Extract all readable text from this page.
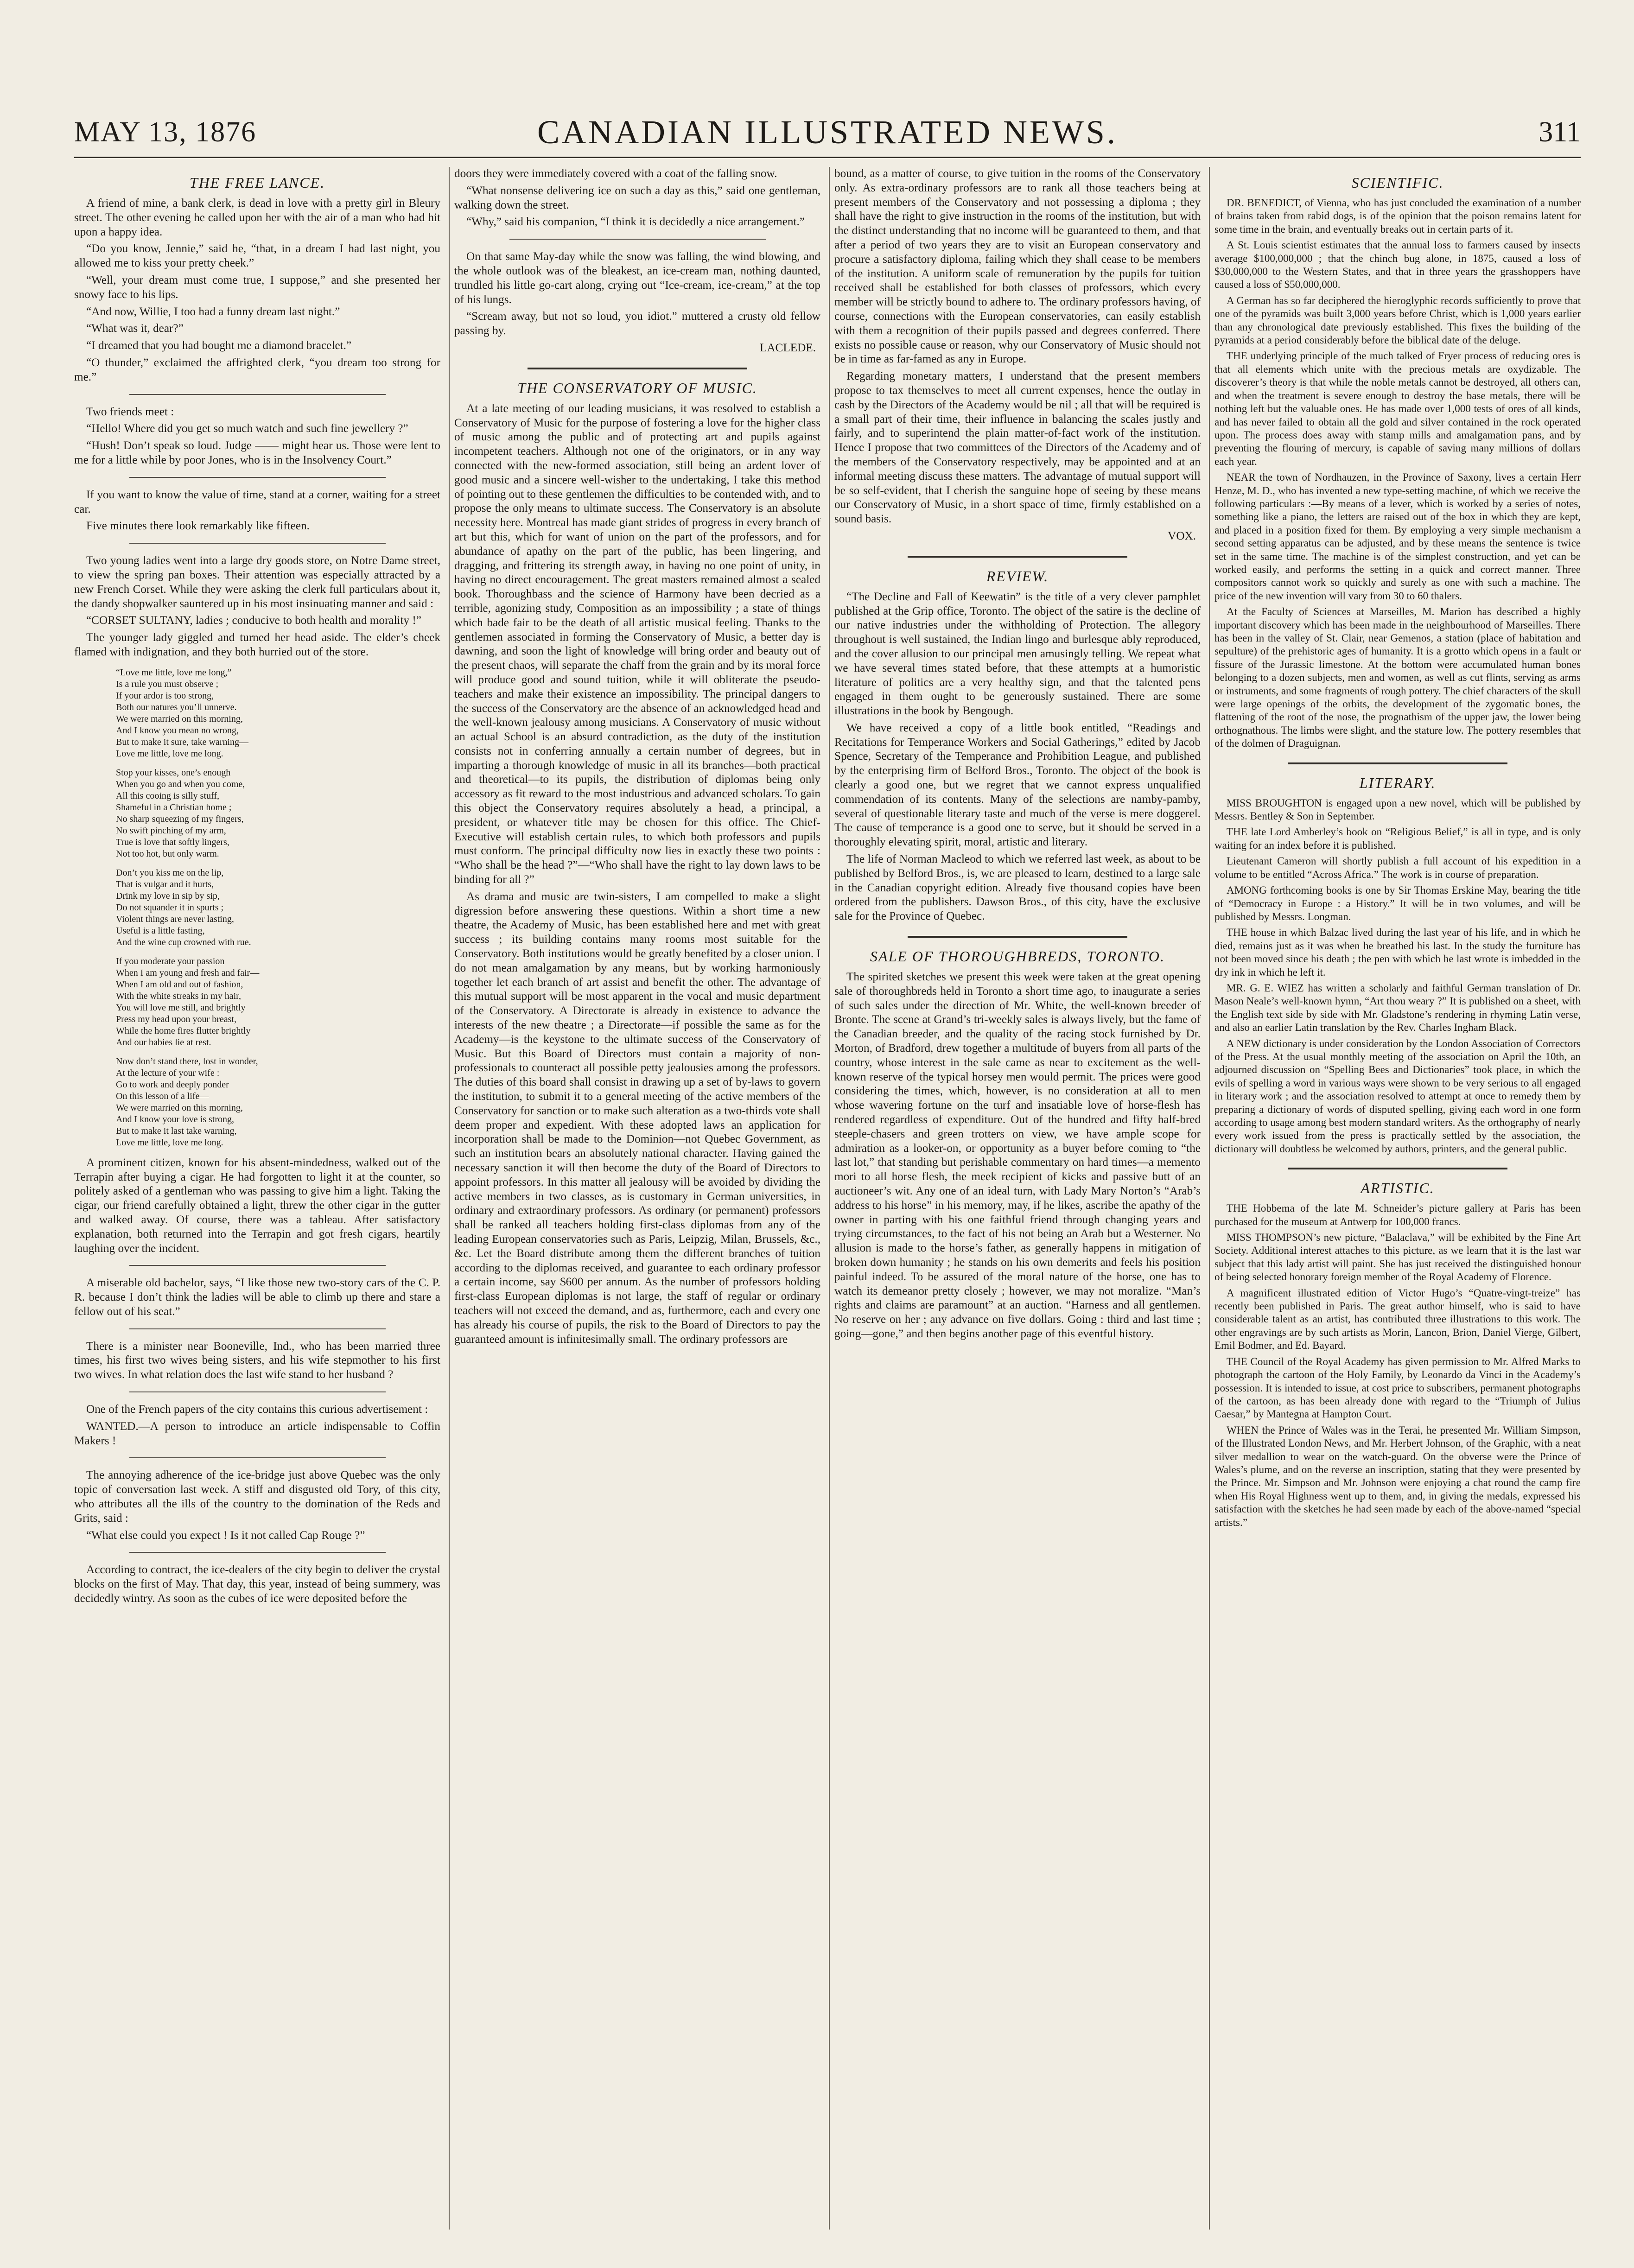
MAY 13, 1876	CANADIAN ILLUSTRATED NEWS.	311
THE FREE LANCE.

A friend of mine, a bank clerk, is dead in love with a pretty girl in Bleury street. The other evening he called upon her with the air of a man who had hit upon a happy idea.

“Do you know, Jennie,” said he, “that, in a dream I had last night, you allowed me to kiss your pretty cheek.”

“Well, your dream must come true, I suppose,” and she presented her snowy face to his lips.

“And now, Willie, I too had a funny dream last night.”

“What was it, dear?”

“I dreamed that you had bought me a diamond bracelet.”

“O thunder,” exclaimed the affrighted clerk, “you dream too strong for me.”

Two friends meet :

“Hello! Where did you get so much watch and such fine jewellery ?”

“Hush! Don’t speak so loud. Judge —— might hear us. Those were lent to me for a little while by poor Jones, who is in the Insolvency Court.”

If you want to know the value of time, stand at a corner, waiting for a street car.

Five minutes there look remarkably like fifteen.

Two young ladies went into a large dry goods store, on Notre Dame street, to view the spring pan boxes. Their attention was especially attracted by a new French Corset. While they were asking the clerk full particulars about it, the dandy shopwalker sauntered up in his most insinuating manner and said :

“CORSET SULTANY, ladies ; conducive to both health and morality !”

The younger lady giggled and turned her head aside. The elder’s cheek flamed with indignation, and they both hurried out of the store.

“Love me little, love me long,”
Is a rule you must observe ;
If your ardor is too strong,
Both our natures you’ll unnerve.
We were married on this morning,
And I know you mean no wrong,
But to make it sure, take warning—
Love me little, love me long.
Stop your kisses, one’s enough
When you go and when you come,
All this cooing is silly stuff,
Shameful in a Christian home ;
No sharp squeezing of my fingers,
No swift pinching of my arm,
True is love that softly lingers,
Not too hot, but only warm.
Don’t you kiss me on the lip,
That is vulgar and it hurts,
Drink my love in sip by sip,
Do not squander it in spurts ;
Violent things are never lasting,
Useful is a little fasting,
And the wine cup crowned with rue.
If you moderate your passion
When I am young and fresh and fair—
When I am old and out of fashion,
With the white streaks in my hair,
You will love me still, and brightly
Press my head upon your breast,
While the home fires flutter brightly
And our babies lie at rest.
Now don’t stand there, lost in wonder,
At the lecture of your wife :
Go to work and deeply ponder
On this lesson of a life—
We were married on this morning,
And I know your love is strong,
But to make it last take warning,
Love me little, love me long.

A prominent citizen, known for his absent-mindedness, walked out of the Terrapin after buying a cigar. He had forgotten to light it at the counter, so politely asked of a gentleman who was passing to give him a light. Taking the cigar, our friend carefully obtained a light, threw the other cigar in the gutter and walked away. Of course, there was a tableau. After satisfactory explanation, both returned into the Terrapin and got fresh cigars, heartily laughing over the incident.

A miserable old bachelor, says, “I like those new two-story cars of the C. P. R. because I don’t think the ladies will be able to climb up there and stare a fellow out of his seat.”

There is a minister near Booneville, Ind., who has been married three times, his first two wives being sisters, and his wife stepmother to his first two wives. In what relation does the last wife stand to her husband ?

One of the French papers of the city contains this curious advertisement :

WANTED.—A person to introduce an article indispensable to Coffin Makers !

The annoying adherence of the ice-bridge just above Quebec was the only topic of conversation last week. A stiff and disgusted old Tory, of this city, who attributes all the ills of the country to the domination of the Reds and Grits, said :

“What else could you expect ! Is it not called Cap Rouge ?”

According to contract, the ice-dealers of the city begin to deliver the crystal blocks on the first of May. That day, this year, instead of being summery, was decidedly wintry. As soon as the cubes of ice were deposited before the

doors they were immediately covered with a coat of the falling snow.

“What nonsense delivering ice on such a day as this,” said one gentleman, walking down the street.

“Why,” said his companion, “I think it is decidedly a nice arrangement.”

On that same May-day while the snow was falling, the wind blowing, and the whole outlook was of the bleakest, an ice-cream man, nothing daunted, trundled his little go-cart along, crying out “Ice-cream, ice-cream,” at the top of his lungs.

“Scream away, but not so loud, you idiot.” muttered a crusty old fellow passing by.

LACLEDE.
THE CONSERVATORY OF MUSIC.

At a late meeting of our leading musicians, it was resolved to establish a Conservatory of Music for the purpose of fostering a love for the higher class of music among the public and of protecting art and pupils against incompetent teachers. Although not one of the originators, or in any way connected with the new-formed association, still being an ardent lover of good music and a sincere well-wisher to the undertaking, I take this method of pointing out to these gentlemen the difficulties to be contended with, and to propose the only means to ultimate success. The Conservatory is an absolute necessity here. Montreal has made giant strides of progress in every branch of art but this, which for want of union on the part of the professors, and for abundance of apathy on the part of the public, has been lingering, and dragging, and frittering its strength away, in having no one point of unity, in having no direct encouragement. The great masters remained almost a sealed book. Thoroughbass and the science of Harmony have been decried as a terrible, agonizing study, Composition as an impossibility ; a state of things which bade fair to be the death of all artistic musical feeling. Thanks to the gentlemen associated in forming the Conservatory of Music, a better day is dawning, and soon the light of knowledge will bring order and beauty out of the present chaos, will separate the chaff from the grain and by its moral force will produce good and sound tuition, while it will obliterate the pseudo-teachers and make their existence an impossibility. The principal dangers to the success of the Conservatory are the absence of an acknowledged head and the well-known jealousy among musicians. A Conservatory of music without an actual School is an absurd contradiction, as the duty of the institution consists not in conferring annually a certain number of degrees, but in imparting a thorough knowledge of music in all its branches—both practical and theoretical—to its pupils, the distribution of diplomas being only accessory as fit reward to the most industrious and advanced scholars. To gain this object the Conservatory requires absolutely a head, a principal, a president, or whatever title may be chosen for this office. The Chief-Executive will establish certain rules, to which both professors and pupils must conform. The principal difficulty now lies in exactly these two points : “Who shall be the head ?”—“Who shall have the right to lay down laws to be binding for all ?”

As drama and music are twin-sisters, I am compelled to make a slight digression before answering these questions. Within a short time a new theatre, the Academy of Music, has been established here and met with great success ; its building contains many rooms most suitable for the Conservatory. Both institutions would be greatly benefited by a closer union. I do not mean amalgamation by any means, but by working harmoniously together let each branch of art assist and benefit the other. The advantage of this mutual support will be most apparent in the vocal and music department of the Conservatory. A Directorate is already in existence to advance the interests of the new theatre ; a Directorate—if possible the same as for the Academy—is the keystone to the ultimate success of the Conservatory of Music. But this Board of Directors must contain a majority of non-professionals to counteract all possible petty jealousies among the professors. The duties of this board shall consist in drawing up a set of by-laws to govern the institution, to submit it to a general meeting of the active members of the Conservatory for sanction or to make such alteration as a two-thirds vote shall deem proper and expedient. With these adopted laws an application for incorporation shall be made to the Dominion—not Quebec Government, as such an institution bears an absolutely national character. Having gained the necessary sanction it will then become the duty of the Board of Directors to appoint professors. In this matter all jealousy will be avoided by dividing the active members in two classes, as is customary in German universities, in ordinary and extraordinary professors. As ordinary (or permanent) professors shall be ranked all teachers holding first-class diplomas from any of the leading European conservatories such as Paris, Leipzig, Milan, Brussels, &c., &c. Let the Board distribute among them the different branches of tuition according to the diplomas received, and guarantee to each ordinary professor a certain income, say $600 per annum. As the number of professors holding first-class European diplomas is not large, the staff of regular or ordinary teachers will not exceed the demand, and as, furthermore, each and every one has already his course of pupils, the risk to the Board of Directors to pay the guaranteed amount is infinitesimally small. The ordinary professors are

bound, as a matter of course, to give tuition in the rooms of the Conservatory only. As extra-ordinary professors are to rank all those teachers being at present members of the Conservatory and not possessing a diploma ; they shall have the right to give instruction in the rooms of the institution, but with the distinct understanding that no income will be guaranteed to them, and that after a period of two years they are to visit an European conservatory and procure a satisfactory diploma, failing which they shall cease to be members of the institution. A uniform scale of remuneration by the pupils for tuition received shall be established for both classes of professors, which every member will be strictly bound to adhere to. The ordinary professors having, of course, connections with the European conservatories, can easily establish with them a recognition of their pupils passed and degrees conferred. There exists no possible cause or reason, why our Conservatory of Music should not be in time as far-famed as any in Europe.

Regarding monetary matters, I understand that the present members propose to tax themselves to meet all current expenses, hence the outlay in cash by the Directors of the Academy would be nil ; all that will be required is a small part of their time, their influence in balancing the scales justly and fairly, and to superintend the plain matter-of-fact work of the institution. Hence I propose that two committees of the Directors of the Academy and of the members of the Conservatory respectively, may be appointed and at an informal meeting discuss these matters. The advantage of mutual support will be so self-evident, that I cherish the sanguine hope of seeing by these means our Conservatory of Music, in a short space of time, firmly established on a sound basis.

VOX.
REVIEW.

“The Decline and Fall of Keewatin” is the title of a very clever pamphlet published at the Grip office, Toronto. The object of the satire is the decline of our native industries under the withholding of Protection. The allegory throughout is well sustained, the Indian lingo and burlesque ably reproduced, and the cover allusion to our principal men amusingly telling. We repeat what we have several times stated before, that these attempts at a humoristic literature of politics are a very healthy sign, and that the talented pens engaged in them ought to be generously sustained. There are some illustrations in the book by Bengough.

We have received a copy of a little book entitled, “Readings and Recitations for Temperance Workers and Social Gatherings,” edited by Jacob Spence, Secretary of the Temperance and Prohibition League, and published by the enterprising firm of Belford Bros., Toronto. The object of the book is clearly a good one, but we regret that we cannot express unqualified commendation of its contents. Many of the selections are namby-pamby, several of questionable literary taste and much of the verse is mere doggerel. The cause of temperance is a good one to serve, but it should be served in a thoroughly elevating spirit, moral, artistic and literary.

The life of Norman Macleod to which we referred last week, as about to be published by Belford Bros., is, we are pleased to learn, destined to a large sale in the Canadian copyright edition. Already five thousand copies have been ordered from the publishers. Dawson Bros., of this city, have the exclusive sale for the Province of Quebec.

SALE OF THOROUGHBREDS, TORONTO.

The spirited sketches we present this week were taken at the great opening sale of thoroughbreds held in Toronto a short time ago, to inaugurate a series of such sales under the direction of Mr. White, the well-known breeder of Bronte. The scene at Grand’s tri-weekly sales is always lively, but the fame of the Canadian breeder, and the quality of the racing stock furnished by Dr. Morton, of Bradford, drew together a multitude of buyers from all parts of the country, whose interest in the sale came as near to excitement as the well-known reserve of the typical horsey men would permit. The prices were good considering the times, which, however, is no consideration at all to men whose wavering fortune on the turf and insatiable love of horse-flesh has rendered regardless of expenditure. Out of the hundred and fifty half-bred steeple-chasers and green trotters on view, we have ample scope for admiration as a looker-on, or opportunity as a buyer before coming to “the last lot,” that standing but perishable commentary on hard times—a memento mori to all horse flesh, the meek recipient of kicks and passive butt of an auctioneer’s wit. Any one of an ideal turn, with Lady Mary Norton’s “Arab’s address to his horse” in his memory, may, if he likes, ascribe the apathy of the owner in parting with his one faithful friend through changing years and trying circumstances, to the fact of his not being an Arab but a Westerner. No allusion is made to the horse’s father, as generally happens in mitigation of broken down humanity ; he stands on his own demerits and feels his position painful indeed. To be assured of the moral nature of the horse, one has to watch its demeanor pretty closely ; however, we may not moralize. “Man’s rights and claims are paramount” at an auction. “Harness and all gentlemen. No reserve on her ; any advance on five dollars. Going : third and last time ; going—gone,” and then begins another page of this eventful history.

SCIENTIFIC.

DR. BENEDICT, of Vienna, who has just concluded the examination of a number of brains taken from rabid dogs, is of the opinion that the poison remains latent for some time in the brain, and eventually breaks out in certain parts of it.

A St. Louis scientist estimates that the annual loss to farmers caused by insects average $100,000,000 ; that the chinch bug alone, in 1875, caused a loss of $30,000,000 to the Western States, and that in three years the grasshoppers have caused a loss of $50,000,000.

A German has so far deciphered the hieroglyphic records sufficiently to prove that one of the pyramids was built 3,000 years before Christ, which is 1,000 years earlier than any chronological date previously established. This fixes the building of the pyramids at a period considerably before the biblical date of the deluge.

THE underlying principle of the much talked of Fryer process of reducing ores is that all elements which unite with the precious metals are oxydizable. The discoverer’s theory is that while the noble metals cannot be destroyed, all others can, and when the treatment is severe enough to destroy the base metals, there will be nothing left but the valuable ones. He has made over 1,000 tests of ores of all kinds, and has never failed to obtain all the gold and silver contained in the rock operated upon. The process does away with stamp mills and amalgamation pans, and by preventing the flouring of mercury, is capable of saving many millions of dollars each year.

NEAR the town of Nordhauzen, in the Province of Saxony, lives a certain Herr Henze, M. D., who has invented a new type-setting machine, of which we receive the following particulars :—By means of a lever, which is worked by a series of notes, something like a piano, the letters are raised out of the box in which they are kept, and placed in a position fixed for them. By employing a very simple mechanism a second setting apparatus can be adjusted, and by these means the sentence is twice set in the same time. The machine is of the simplest construction, and yet can be worked easily, and performs the setting in a quick and correct manner. Three compositors cannot work so quickly and surely as one with such a machine. The price of the new invention will vary from 30 to 60 thalers.

At the Faculty of Sciences at Marseilles, M. Marion has described a highly important discovery which has been made in the neighbourhood of Marseilles. There has been in the valley of St. Clair, near Gemenos, a station (place of habitation and sepulture) of the prehistoric ages of humanity. It is a grotto which opens in a fault or fissure of the Jurassic limestone. At the bottom were accumulated human bones belonging to a dozen subjects, men and women, as well as cut flints, serving as arms or instruments, and some fragments of rough pottery. The chief characters of the skull were large openings of the orbits, the development of the zygomatic bones, the flattening of the root of the nose, the prognathism of the upper jaw, the lower being orthognathous. The limbs were slight, and the stature low. The pottery resembles that of the dolmen of Draguignan.

LITERARY.

MISS BROUGHTON is engaged upon a new novel, which will be published by Messrs. Bentley & Son in September.

THE late Lord Amberley’s book on “Religious Belief,” is all in type, and is only waiting for an index before it is published.

Lieutenant Cameron will shortly publish a full account of his expedition in a volume to be entitled “Across Africa.” The work is in course of preparation.

AMONG forthcoming books is one by Sir Thomas Erskine May, bearing the title of “Democracy in Europe : a History.” It will be in two volumes, and will be published by Messrs. Longman.

THE house in which Balzac lived during the last year of his life, and in which he died, remains just as it was when he breathed his last. In the study the furniture has not been moved since his death ; the pen with which he last wrote is imbedded in the dry ink in which he left it.

MR. G. E. WIEZ has written a scholarly and faithful German translation of Dr. Mason Neale’s well-known hymn, “Art thou weary ?” It is published on a sheet, with the English text side by side with Mr. Gladstone’s rendering in rhyming Latin verse, and also an earlier Latin translation by the Rev. Charles Ingham Black.

A NEW dictionary is under consideration by the London Association of Correctors of the Press. At the usual monthly meeting of the association on April the 10th, an adjourned discussion on “Spelling Bees and Dictionaries” took place, in which the evils of spelling a word in various ways were shown to be very serious to all engaged in literary work ; and the association resolved to attempt at once to remedy them by preparing a dictionary of words of disputed spelling, giving each word in one form according to usage among best modern standard writers. As the orthography of nearly every work issued from the press is practically settled by the association, the dictionary will doubtless be welcomed by authors, printers, and the general public.

ARTISTIC.

THE Hobbema of the late M. Schneider’s picture gallery at Paris has been purchased for the museum at Antwerp for 100,000 francs.

MISS THOMPSON’s new picture, “Balaclava,” will be exhibited by the Fine Art Society. Additional interest attaches to this picture, as we learn that it is the last war subject that this lady artist will paint. She has just received the distinguished honour of being selected honorary foreign member of the Royal Academy of Florence.

A magnificent illustrated edition of Victor Hugo’s “Quatre-vingt-treize” has recently been published in Paris. The great author himself, who is said to have considerable talent as an artist, has contributed three illustrations to this work. The other engravings are by such artists as Morin, Lancon, Brion, Daniel Vierge, Gilbert, Emil Bodmer, and Ed. Bayard.

THE Council of the Royal Academy has given permission to Mr. Alfred Marks to photograph the cartoon of the Holy Family, by Leonardo da Vinci in the Academy’s possession. It is intended to issue, at cost price to subscribers, permanent photographs of the cartoon, as has been already done with regard to the “Triumph of Julius Caesar,” by Mantegna at Hampton Court.

WHEN the Prince of Wales was in the Terai, he presented Mr. William Simpson, of the Illustrated London News, and Mr. Herbert Johnson, of the Graphic, with a neat silver medallion to wear on the watch-guard. On the obverse were the Prince of Wales’s plume, and on the reverse an inscription, stating that they were presented by the Prince. Mr. Simpson and Mr. Johnson were enjoying a chat round the camp fire when His Royal Highness went up to them, and, in giving the medals, expressed his satisfaction with the sketches he had seen made by each of the above-named “special artists.”
